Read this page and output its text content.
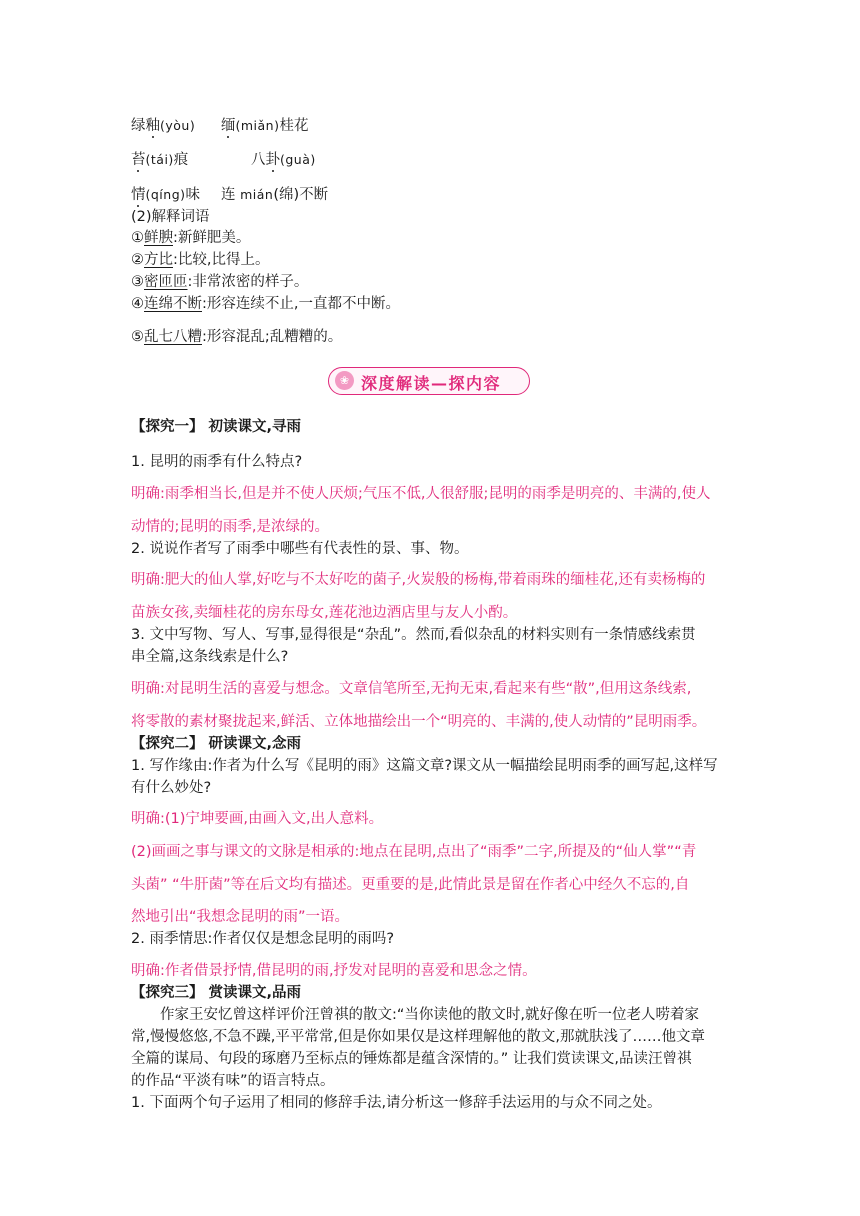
绿釉(yòu) 缅(miǎn)桂花
苔(tái)痕	八卦(guà)
情(qíng)味 连 mián(绵)不断
(2)解释词语
①鲜腴:新鲜肥美。
②方比:比较,比得上。
③密匝匝:非常浓密的样子。
④连绵不断:形容连续不止,一直都不中断。
⑤乱七八糟:形容混乱;乱糟糟的。
❀ 深度解读—探内容
【探究一】 初读课文,寻雨
1. 昆明的雨季有什么特点?
明确:雨季相当长,但是并不使人厌烦;气压不低,人很舒服;昆明的雨季是明亮的、丰满的,使人
动情的;昆明的雨季,是浓绿的。
2. 说说作者写了雨季中哪些有代表性的景、事、物。
明确:肥大的仙人掌,好吃与不太好吃的菌子,火炭般的杨梅,带着雨珠的缅桂花,还有卖杨梅的
苗族女孩,卖缅桂花的房东母女,莲花池边酒店里与友人小酌。
3. 文中写物、写人、写事,显得很是“杂乱”。然而,看似杂乱的材料实则有一条情感线索贯
串全篇,这条线索是什么?
明确:对昆明生活的喜爱与想念。文章信笔所至,无拘无束,看起来有些“散”,但用这条线索,
将零散的素材聚拢起来,鲜活、立体地描绘出一个“明亮的、丰满的,使人动情的”昆明雨季。
【探究二】 研读课文,念雨
1. 写作缘由:作者为什么写《昆明的雨》这篇文章?课文从一幅描绘昆明雨季的画写起,这样写
有什么妙处?
明确:(1)宁坤要画,由画入文,出人意料。
(2)画画之事与课文的文脉是相承的:地点在昆明,点出了“雨季”二字,所提及的“仙人掌”“青
头菌” “牛肝菌”等在后文均有描述。更重要的是,此情此景是留在作者心中经久不忘的,自
然地引出“我想念昆明的雨”一语。
2. 雨季情思:作者仅仅是想念昆明的雨吗?
明确:作者借景抒情,借昆明的雨,抒发对昆明的喜爱和思念之情。
【探究三】 赏读课文,品雨
作家王安忆曾这样评价汪曾祺的散文:“当你读他的散文时,就好像在听一位老人唠着家
常,慢慢悠悠,不急不躁,平平常常,但是你如果仅是这样理解他的散文,那就肤浅了……他文章
全篇的谋局、句段的琢磨乃至标点的锤炼都是蕴含深情的。” 让我们赏读课文,品读汪曾祺
的作品“平淡有味”的语言特点。
1. 下面两个句子运用了相同的修辞手法,请分析这一修辞手法运用的与众不同之处。
